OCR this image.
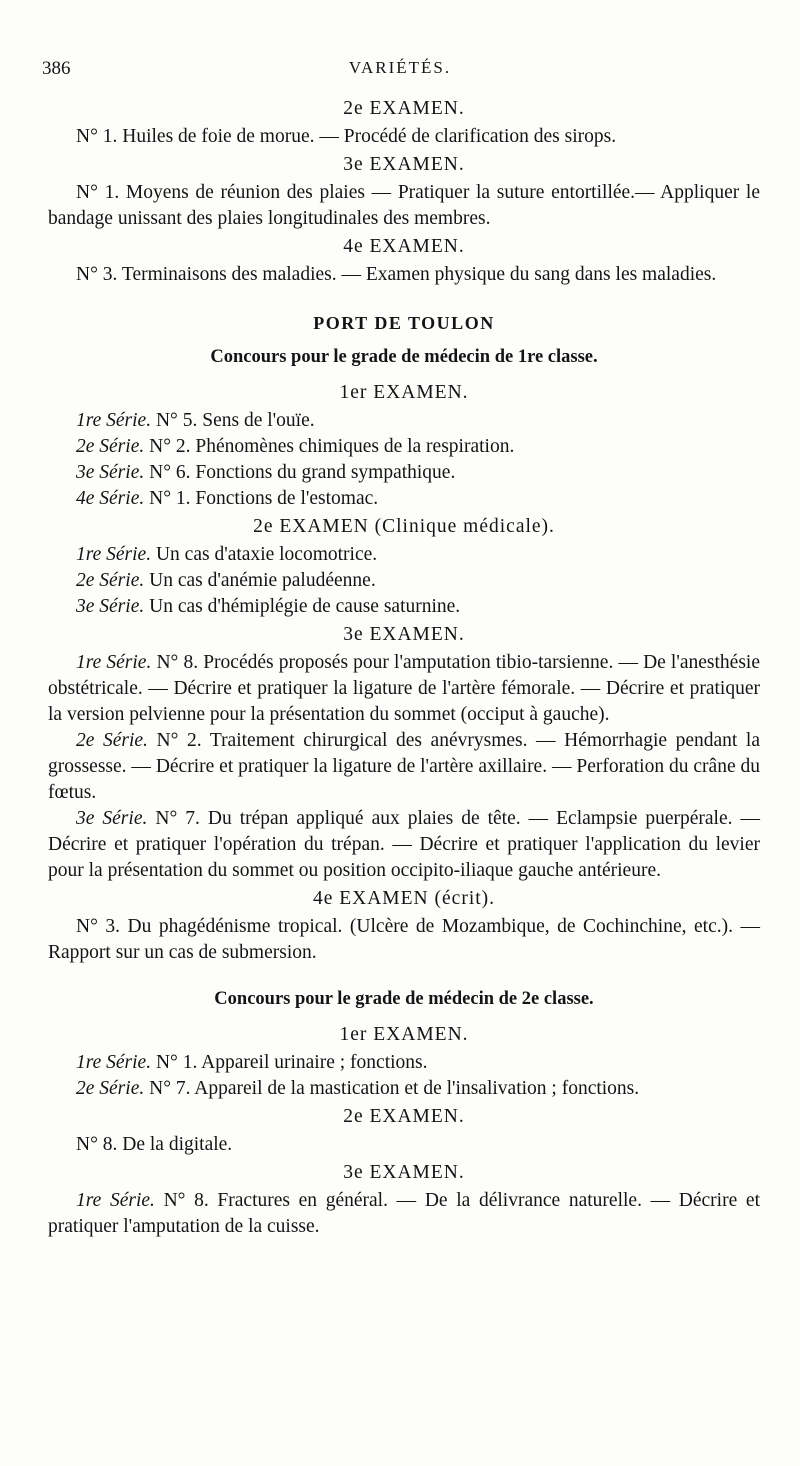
386	VARIÉTÉS.
2e EXAMEN.

N° 1. Huiles de foie de morue. — Procédé de clarification des sirops.

3e EXAMEN.

N° 1. Moyens de réunion des plaies — Pratiquer la suture entortillée.— Appliquer le bandage unissant des plaies longitudinales des membres.

4e EXAMEN.

N° 3. Terminaisons des maladies. — Examen physique du sang dans les maladies.

PORT DE TOULON
Concours pour le grade de médecin de 1re classe.
1er EXAMEN.

1re Série. N° 5. Sens de l'ouïe.

2e Série. N° 2. Phénomènes chimiques de la respiration.

3e Série. N° 6. Fonctions du grand sympathique.

4e Série. N° 1. Fonctions de l'estomac.

2e EXAMEN (Clinique médicale).

1re Série. Un cas d'ataxie locomotrice.

2e Série. Un cas d'anémie paludéenne.

3e Série. Un cas d'hémiplégie de cause saturnine.

3e EXAMEN.

1re Série. N° 8. Procédés proposés pour l'amputation tibio-tarsienne. — De l'anesthésie obstétricale. — Décrire et pratiquer la ligature de l'artère fémorale. — Décrire et pratiquer la version pelvienne pour la présentation du sommet (occiput à gauche).

2e Série. N° 2. Traitement chirurgical des anévrysmes. — Hémorrhagie pendant la grossesse. — Décrire et pratiquer la ligature de l'artère axillaire. — Perforation du crâne du fœtus.

3e Série. N° 7. Du trépan appliqué aux plaies de tête. — Eclampsie puerpérale. — Décrire et pratiquer l'opération du trépan. — Décrire et pratiquer l'application du levier pour la présentation du sommet ou position occipito-iliaque gauche antérieure.

4e EXAMEN (écrit).

N° 3. Du phagédénisme tropical. (Ulcère de Mozambique, de Cochinchine, etc.). — Rapport sur un cas de submersion.

Concours pour le grade de médecin de 2e classe.
1er EXAMEN.

1re Série. N° 1. Appareil urinaire ; fonctions.

2e Série. N° 7. Appareil de la mastication et de l'insalivation ; fonctions.

2e EXAMEN.

N° 8. De la digitale.

3e EXAMEN.

1re Série. N° 8. Fractures en général. — De la délivrance naturelle. — Décrire et pratiquer l'amputation de la cuisse.
